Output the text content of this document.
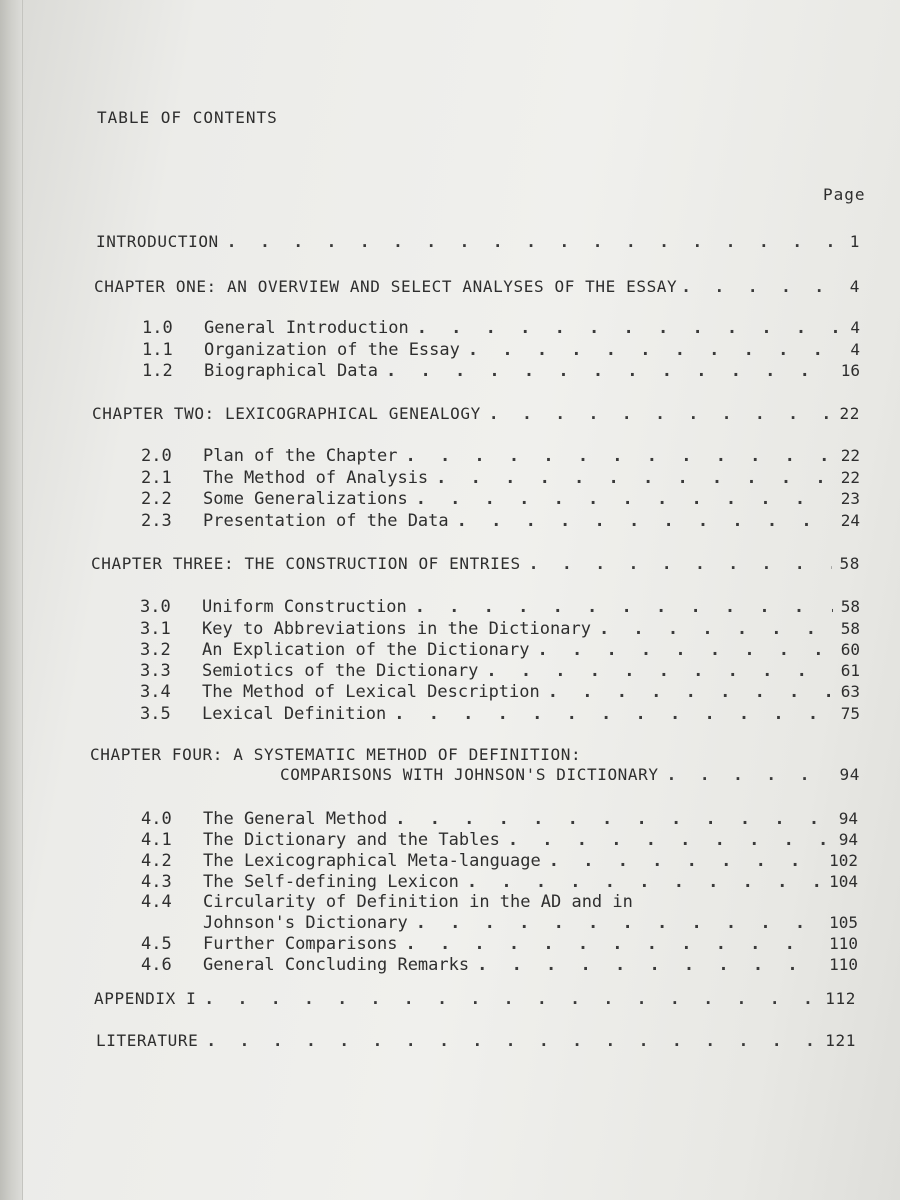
TABLE OF CONTENTS
Page
INTRODUCTION . . .	1
CHAPTER ONE: AN OVERVIEW AND SELECT ANALYSES OF THE ESSAY . . .	4
1.0	General Introduction . . .	4
1.1	Organization of the Essay . . .	4
1.2	Biographical Data . . .	16
CHAPTER TWO: LEXICOGRAPHICAL GENEALOGY . . .	22
2.0	Plan of the Chapter . . .	22
2.1	The Method of Analysis . . .	22
2.2	Some Generalizations . . .	23
2.3	Presentation of the Data . . .	24
CHAPTER THREE: THE CONSTRUCTION OF ENTRIES . . .	58
3.0	Uniform Construction . . .	58
3.1	Key to Abbreviations in the Dictionary . . .	58
3.2	An Explication of the Dictionary . . .	60
3.3	Semiotics of the Dictionary . . .	61
3.4	The Method of Lexical Description . . .	63
3.5	Lexical Definition . . .	75
CHAPTER FOUR: A SYSTEMATIC METHOD OF DEFINITION:
COMPARISONS WITH JOHNSON'S DICTIONARY . . .	94
4.0	The General Method . . .	94
4.1	The Dictionary and the Tables . . .	94
4.2	The Lexicographical Meta-language . . .	102
4.3	The Self-defining Lexicon . . .	104
4.4	Circularity of Definition in the AD and in
Johnson's Dictionary . . .	105
4.5	Further Comparisons . . .	110
4.6	General Concluding Remarks . . .	110
APPENDIX I . . .	112
LITERATURE . . .	121
